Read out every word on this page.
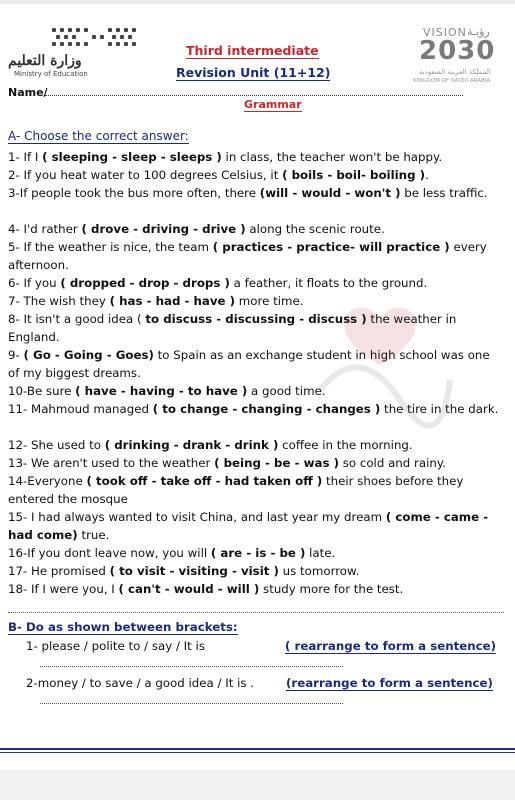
وزارة التعليم
Ministry of Education
Third intermediate
Revision Unit (11+12)
VISION رؤيـة
2030
المملكة العربية السعودية
KINGDOM OF SAUDI ARABIA
Name/
Grammar
A- Choose the correct answer:
1- If I ( sleeping - sleep - sleeps ) in class, the teacher won't be happy.
2- If you heat water to 100 degrees Celsius, it ( boils - boil- boiling ).
3-If people took the bus more often, there (will - would - won't ) be less traffic.
4- I'd rather ( drove - driving - drive ) along the scenic route.
5- If the weather is nice, the team ( practices - practice- will practice ) every afternoon.
6- If you ( dropped - drop - drops ) a feather, it floats to the ground.
7- The wish they ( has - had - have ) more time.
8- It isn't a good idea ( to discuss - discussing - discuss ) the weather in England.
9- ( Go - Going - Goes) to Spain as an exchange student in high school was one of my biggest dreams.
10-Be sure ( have - having - to have ) a good time.
11- Mahmoud managed ( to change - changing - changes ) the tire in the dark.
12- She used to ( drinking - drank - drink ) coffee in the morning.
13- We aren't used to the weather ( being - be - was ) so cold and rainy.
14-Everyone ( took off - take off - had taken off ) their shoes before they entered the mosque
15- I had always wanted to visit China, and last year my dream ( come - came - had come) true.
16-If you dont leave now, you will ( are - is - be ) late.
17- He promised ( to visit - visiting - visit ) us tomorrow.
18- If I were you, I ( can't - would - will ) study more for the test.
B- Do as shown between brackets:
1- please / polite to / say / It is	( rearrange to form a sentence)
2-money / to save / a good idea / It is .	(rearrange to form a sentence)
